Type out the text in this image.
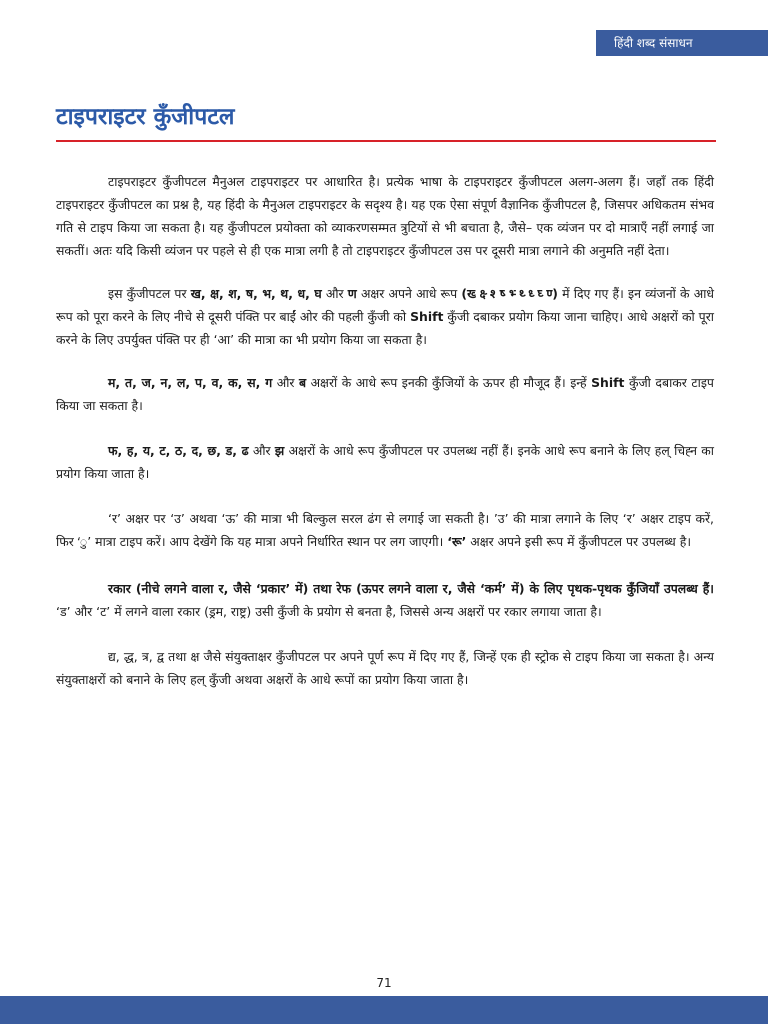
हिंदी शब्द संसाधन
टाइपराइटर कुँजीपटल

टाइपराइटर कुँजीपटल मैनुअल टाइपराइटर पर आधारित है। प्रत्येक भाषा के टाइपराइटर कुँजीपटल अलग-अलग हैं। जहाँ तक हिंदी टाइपराइटर कुँजीपटल का प्रश्न है, यह हिंदी के मैनुअल टाइपराइटर के सदृश्य है। यह एक ऐसा संपूर्ण वैज्ञानिक कुँजीपटल है, जिसपर अधिकतम संभव गति से टाइप किया जा सकता है। यह कुँजीपटल प्रयोक्ता को व्याकरणसम्मत त्रुटियों से भी बचाता है, जैसे– एक व्यंजन पर दो मात्राएँ नहीं लगाई जा सकतीं। अतः यदि किसी व्यंजन पर पहले से ही एक मात्रा लगी है तो टाइपराइटर कुँजीपटल उस पर दूसरी मात्रा लगाने की अनुमति नहीं देता।

इस कुँजीपटल पर ख, क्ष, श, ष, भ, थ, ध, घ और ण अक्षर अपने आधे रूप (ख्‍ क्ष्‍ श्‍ ष्‍ भ्‍ थ्‍ ध्‍ घ्‍ ण्‍) में दिए गए हैं। इन व्यंजनों के आधे रूप को पूरा करने के लिए नीचे से दूसरी पंक्ति पर बाईं ओर की पहली कुँजी को Shift कुँजी दबाकर प्रयोग किया जाना चाहिए। आधे अक्षरों को पूरा करने के लिए उपर्युक्त पंक्ति पर ही ‘आ’ की मात्रा का भी प्रयोग किया जा सकता है।

म, त, ज, न, ल, प, व, क, स, ग और ब अक्षरों के आधे रूप इनकी कुँजियों के ऊपर ही मौजूद हैं। इन्हें Shift कुँजी दबाकर टाइप किया जा सकता है।

फ, ह, य, ट, ठ, द, छ, ड, ढ और झ अक्षरों के आधे रूप कुँजीपटल पर उपलब्ध नहीं हैं। इनके आधे रूप बनाने के लिए हल् चिह्‍न का प्रयोग किया जाता है।

‘र’ अक्षर पर ‘उ’ अथवा ‘ऊ’ की मात्रा भी बिल्कुल सरल ढंग से लगाई जा सकती है। ’उ’ की मात्रा लगाने के लिए ‘र’ अक्षर टाइप करें, फिर ‘ु’ मात्रा टाइप करें। आप देखेंगे कि यह मात्रा अपने निर्धारित स्थान पर लग जाएगी। ‘रू’ अक्षर अपने इसी रूप में कुँजीपटल पर उपलब्ध है।

रकार (नीचे लगने वाला र, जैसे ‘प्रकार’ में) तथा रेफ (ऊपर लगने वाला र, जैसे ‘कर्म’ में) के लिए पृथक-पृथक कुँजियाँ उपलब्ध हैं। ‘ड’ और ‘ट’ में लगने वाला रकार (ड्रम, राष्ट्र) उसी कुँजी के प्रयोग से बनता है, जिससे अन्य अक्षरों पर रकार लगाया जाता है।

द्य, द्ध, त्र, द्व तथा क्ष जैसे संयुक्ताक्षर कुँजीपटल पर अपने पूर्ण रूप में दिए गए हैं, जिन्हें एक ही स्ट्रोक से टाइप किया जा सकता है। अन्य संयुक्ताक्षरों को बनाने के लिए हल् कुँजी अथवा अक्षरों के आधे रूपों का प्रयोग किया जाता है।

71
